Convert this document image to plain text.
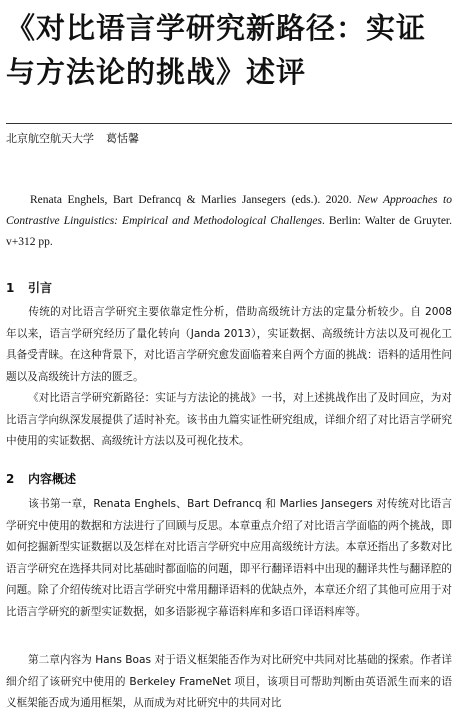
《对比语言学研究新路径：实证与方法论的挑战》述评
北京航空航天大学 葛恬馨
Renata Enghels, Bart Defrancq & Marlies Jansegers (eds.). 2020. New Approaches to Contrastive Linguistics: Empirical and Methodological Challenges. Berlin: Walter de Gruyter. v+312 pp.
1 引言
传统的对比语言学研究主要依靠定性分析，借助高级统计方法的定量分析较少。自 2008 年以来，语言学研究经历了量化转向（Janda 2013），实证数据、高级统计方法以及可视化工具备受青睐。在这种背景下，对比语言学研究愈发面临着来自两个方面的挑战：语料的适用性问题以及高级统计方法的匮乏。
《对比语言学研究新路径：实证与方法论的挑战》一书，对上述挑战作出了及时回应，为对比语言学向纵深发展提供了适时补充。该书由九篇实证性研究组成，详细介绍了对比语言学研究中使用的实证数据、高级统计方法以及可视化技术。
2 内容概述
该书第一章，Renata Enghels、Bart Defrancq 和 Marlies Jansegers 对传统对比语言学研究中使用的数据和方法进行了回顾与反思。本章重点介绍了对比语言学面临的两个挑战，即如何挖掘新型实证数据以及怎样在对比语言学研究中应用高级统计方法。本章还指出了多数对比语言学研究在选择共同对比基础时都面临的问题，即平行翻译语料中出现的翻译共性与翻译腔的问题。除了介绍传统对比语言学研究中常用翻译语料的优缺点外，本章还介绍了其他可应用于对比语言学研究的新型实证数据，如多语影视字幕语料库和多语口译语料库等。
第二章内容为 Hans Boas 对于语义框架能否作为对比研究中共同对比基础的探索。作者详细介绍了该研究中使用的 Berkeley FrameNet 项目，该项目可帮助判断由英语派生而来的语义框架能否成为通用框架，从而成为对比研究中的共同对比
